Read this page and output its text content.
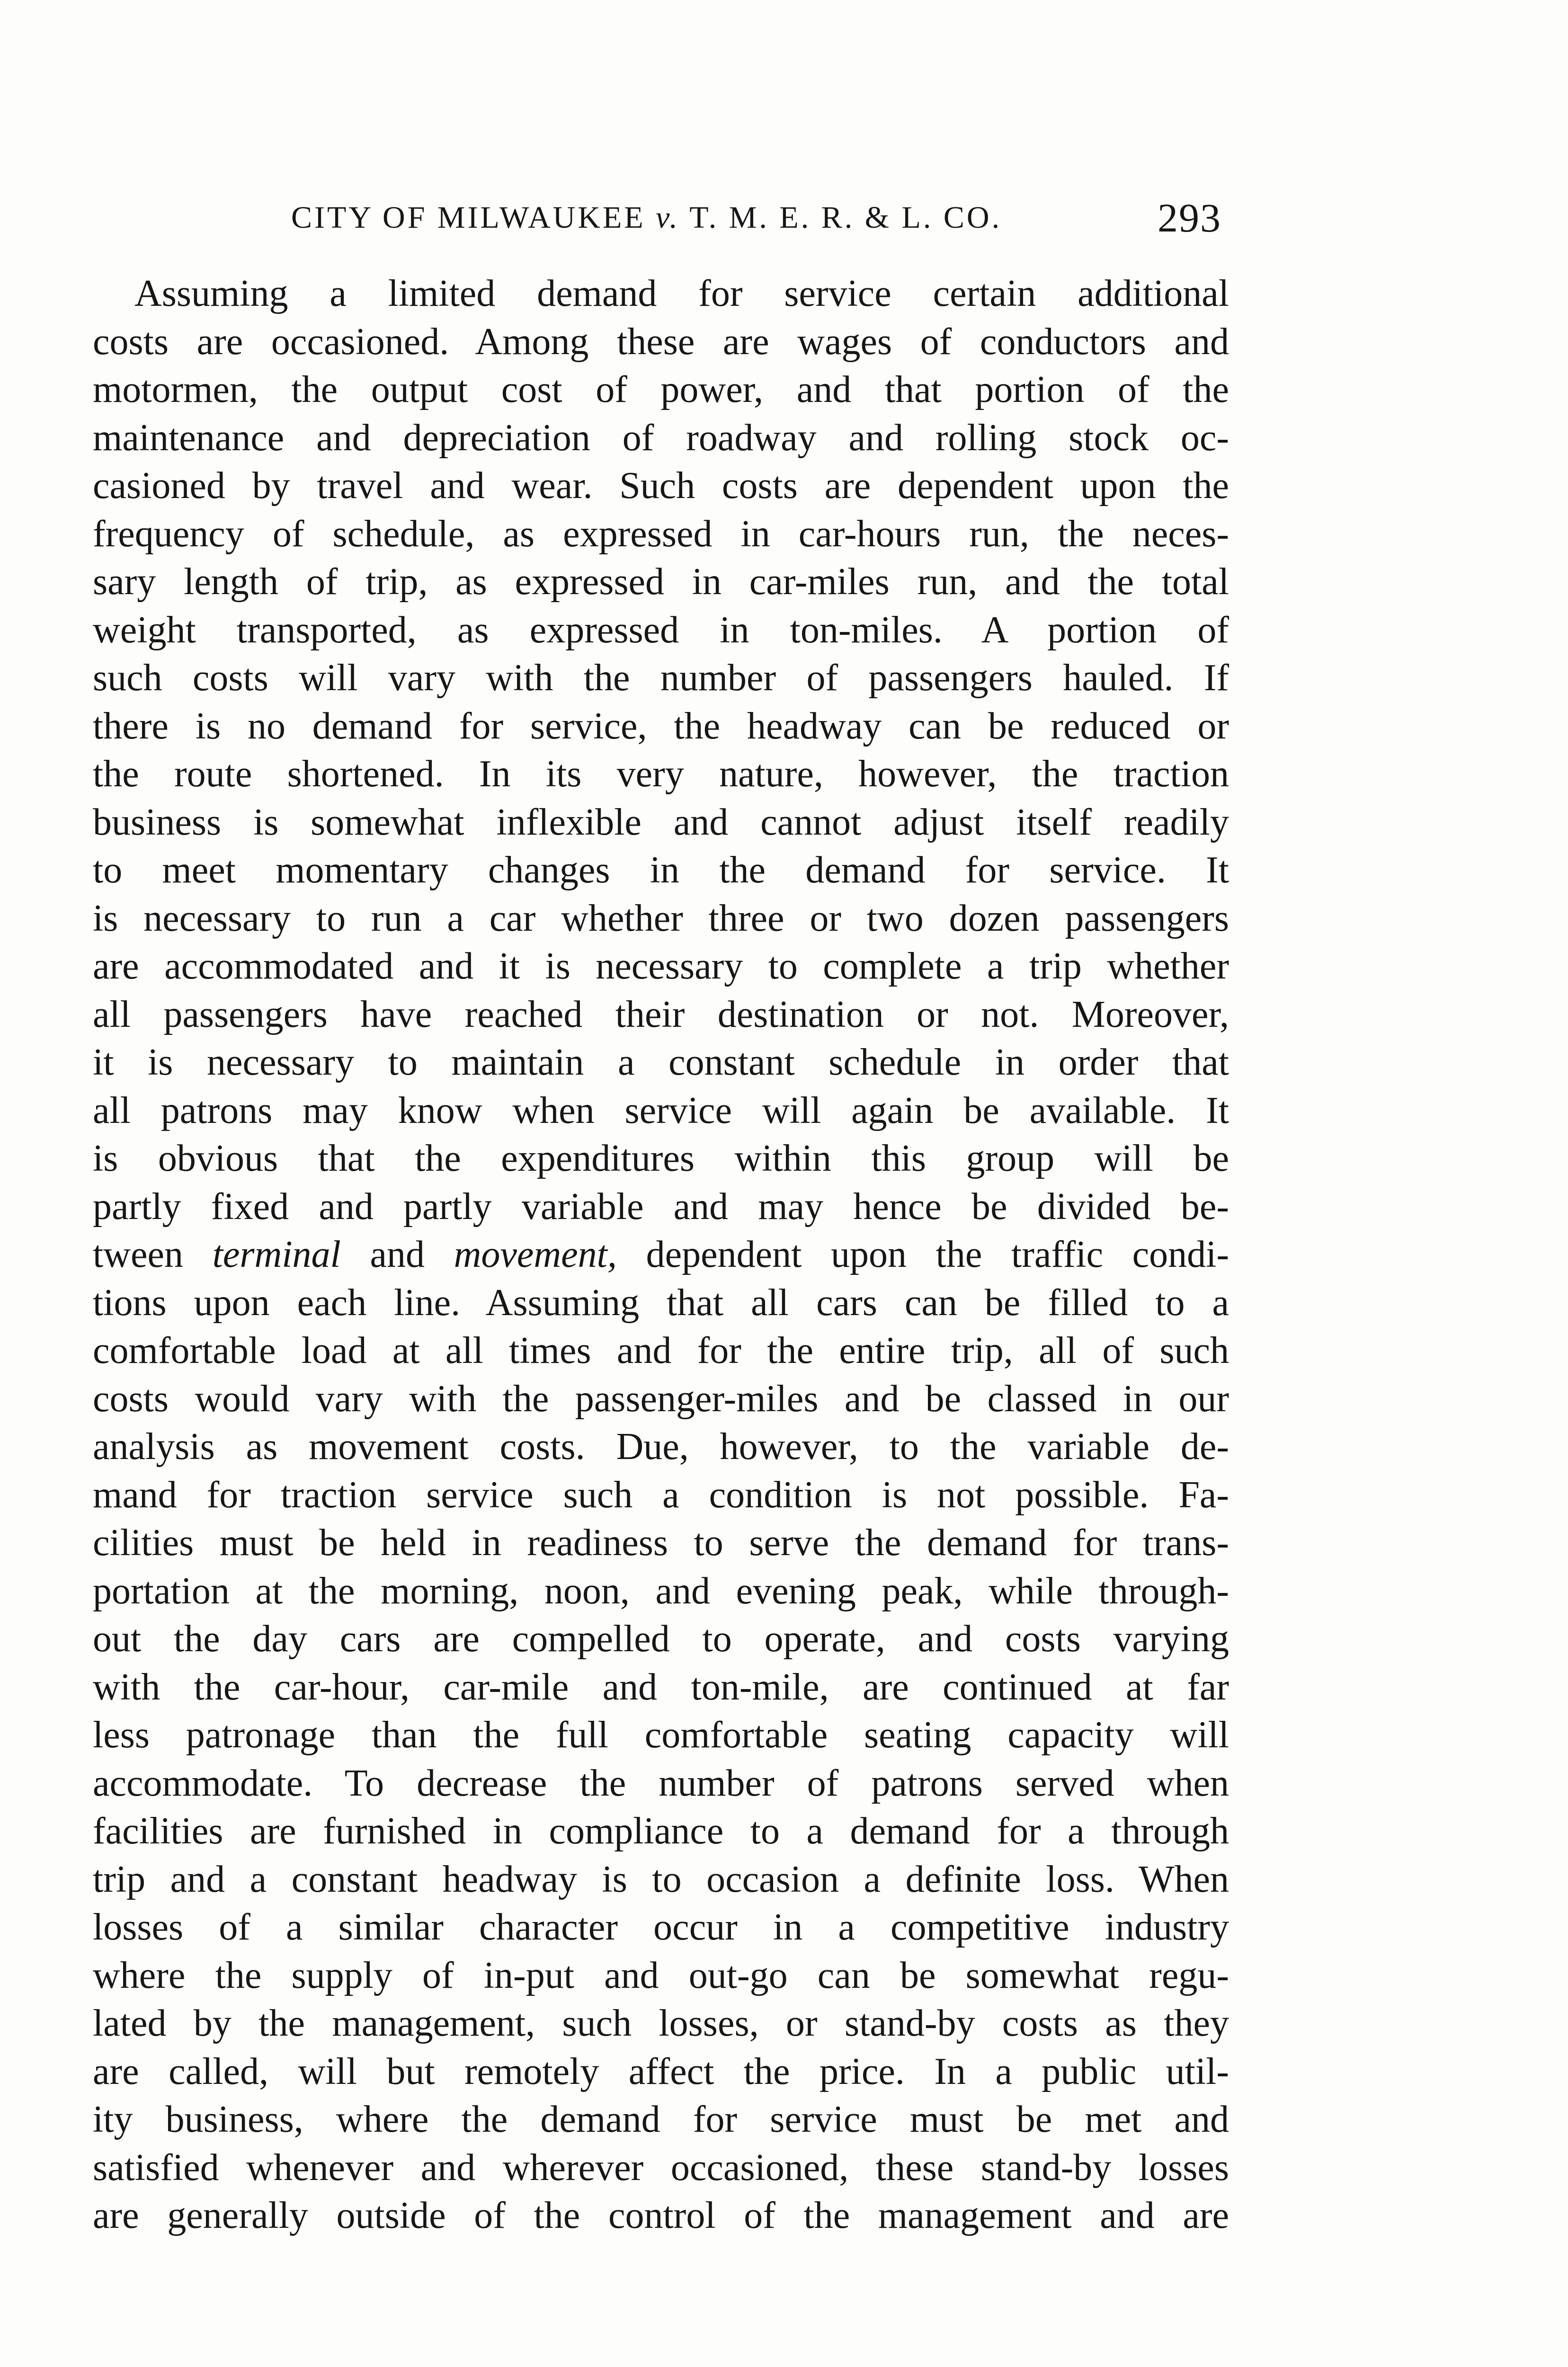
CITY OF MILWAUKEE v. T. M. E. R. & L. CO.	293
Assuming a limited demand for service certain additional
costs are occasioned. Among these are wages of conductors and
motormen, the output cost of power, and that portion of the
maintenance and depreciation of roadway and rolling stock oc-
casioned by travel and wear. Such costs are dependent upon the
frequency of schedule, as expressed in car-hours run, the neces-
sary length of trip, as expressed in car-miles run, and the total
weight transported, as expressed in ton-miles. A portion of
such costs will vary with the number of passengers hauled. If
there is no demand for service, the headway can be reduced or
the route shortened. In its very nature, however, the traction
business is somewhat inflexible and cannot adjust itself readily
to meet momentary changes in the demand for service. It
is necessary to run a car whether three or two dozen passengers
are accommodated and it is necessary to complete a trip whether
all passengers have reached their destination or not. Moreover,
it is necessary to maintain a constant schedule in order that
all patrons may know when service will again be available. It
is obvious that the expenditures within this group will be
partly fixed and partly variable and may hence be divided be-
tween terminal and movement, dependent upon the traffic condi-
tions upon each line. Assuming that all cars can be filled to a
comfortable load at all times and for the entire trip, all of such
costs would vary with the passenger-miles and be classed in our
analysis as movement costs. Due, however, to the variable de-
mand for traction service such a condition is not possible. Fa-
cilities must be held in readiness to serve the demand for trans-
portation at the morning, noon, and evening peak, while through-
out the day cars are compelled to operate, and costs varying
with the car-hour, car-mile and ton-mile, are continued at far
less patronage than the full comfortable seating capacity will
accommodate. To decrease the number of patrons served when
facilities are furnished in compliance to a demand for a through
trip and a constant headway is to occasion a definite loss. When
losses of a similar character occur in a competitive industry
where the supply of in-put and out-go can be somewhat regu-
lated by the management, such losses, or stand-by costs as they
are called, will but remotely affect the price. In a public util-
ity business, where the demand for service must be met and
satisfied whenever and wherever occasioned, these stand-by losses
are generally outside of the control of the management and are
